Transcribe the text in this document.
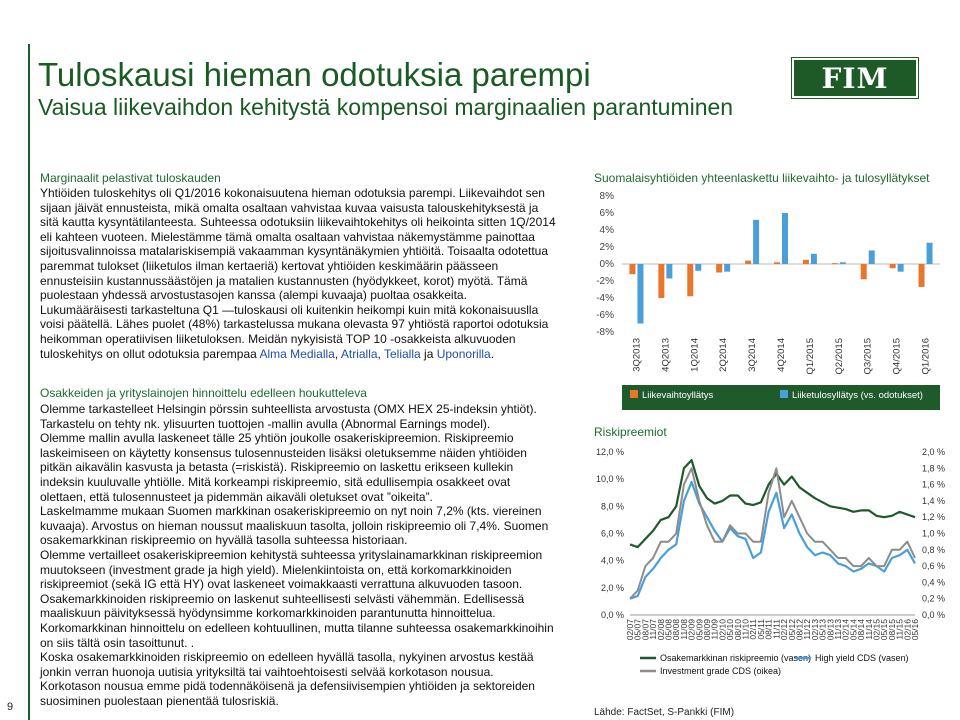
Tuloskausi hieman odotuksia parempi
Vaisua liikevaihdon kehitystä kompensoi marginaalien parantuminen
FIM
Marginaalit pelastivat tuloskauden

Yhtiöiden tuloskehitys oli Q1/2016 kokonaisuutena hieman odotuksia parempi. Liikevaihdot sen sijaan jäivät ennusteista, mikä omalta osaltaan vahvistaa kuvaa vaisusta talouskehityksestä ja sitä kautta kysyntätilanteesta. Suhteessa odotuksiin liikevaihtokehitys oli heikointa sitten 1Q/2014 eli kahteen vuoteen. Mielestämme tämä omalta osaltaan vahvistaa näkemystämme painottaa sijoitusvalinnoissa matalariskisempiä vakaamman kysyntänäkymien yhtiöitä. Toisaalta odotettua paremmat tulokset (liiketulos ilman kertaeriä) kertovat yhtiöiden keskimäärin päässeen ennusteisiin kustannussäästöjen ja matalien kustannusten (hyödykkeet, korot) myötä. Tämä puolestaan yhdessä arvostustasojen kanssa (alempi kuvaaja) puoltaa osakkeita.

Lukumääräisesti tarkasteltuna Q1 —tuloskausi oli kuitenkin heikompi kuin mitä kokonaisuuslla voisi päätellä. Lähes puolet (48%) tarkastelussa mukana olevasta 97 yhtiöstä raportoi odotuksia heikomman operatiivisen liiketuloksen. Meidän nykyisistä TOP 10 -osakkeista alkuvuoden tuloskehitys on ollut odotuksia parempaa Alma Medialla, Atrialla, Telialla ja Uponorilla.

Osakkeiden ja yrityslainojen hinnoittelu edelleen houkutteleva

Olemme tarkastelleet Helsingin pörssin suhteellista arvostusta (OMX HEX 25-indeksin yhtiöt). Tarkastelu on tehty nk. ylisuurten tuottojen -mallin avulla (Abnormal Earnings model).

Olemme mallin avulla laskeneet tälle 25 yhtiön joukolle osakeriskipreemion. Riskipreemio laskeimiseen on käytetty konsensus tulosennusteiden lisäksi oletuksemme näiden yhtiöiden pitkän aikavälin kasvusta ja betasta (=riskistä). Riskipreemio on laskettu erikseen kullekin indeksin kuuluvalle yhtiölle. Mitä korkeampi riskipreemio, sitä edullisempia osakkeet ovat olettaen, että tulosennusteet ja pidemmän aikaväli oletukset ovat ”oikeita”.

Laskelmamme mukaan Suomen markkinan osakeriskipreemio on nyt noin 7,2% (kts. viereinen kuvaaja). Arvostus on hieman noussut maaliskuun tasolta, jolloin riskipreemio oli 7,4%. Suomen osakemarkkinan riskipreemio on hyvällä tasolla suhteessa historiaan.

Olemme vertailleet osakeriskipreemion kehitystä suhteessa yrityslainamarkkinan riskipreemion muutokseen (investment grade ja high yield). Mielenkiintoista on, että korkomarkkinoiden riskipreemiot (sekä IG että HY) ovat laskeneet voimakkaasti verrattuna alkuvuoden tasoon. Osakemarkkinoiden riskipreemio on laskenut suhteellisesti selvästi vähemmän. Edellisessä maaliskuun päivityksessä hyödynsimme korkomarkkinoiden parantunutta hinnoittelua. Korkomarkkinan hinnoittelu on edelleen kohtuullinen, mutta tilanne suhteessa osakemarkkinoihin on siis tältä osin tasoittunut. .

Koska osakemarkkinoiden riskipreemio on edelleen hyvällä tasolla, nykyinen arvostus kestää jonkin verran huonoja uutisia yrityksiltä tai vaihtoehtoisesti selvää korkotason nousua. Korkotason nousua emme pidä todennäköisenä ja defensiivisempien yhtiöiden ja sektoreiden suosiminen puolestaan pienentää tulosriskiä.

Suomalaisyhtiöiden yhteenlaskettu liikevaihto- ja tulosyllätykset
8%
6%
4%
2%
0%
-2%
-4%
-6%
-8%
3Q2013 4Q2013 1Q2014 2Q2014 3Q2014 4Q2014 Q1/2015 Q2/2015 Q3/2015 Q4/2015 Q1/2016
Liikevaihtoyllätys	Liiketulosyllätys (vs. odotukset)
Riskipreemiot
12,0 %
10,0 %
8,0 %
6,0 %
4,0 %
2,0 %
0,0 %
2,0 %
1,8 %
1,6 %
1,4 %
1,2 %
1,0 %
0,8 %
0,6 %
0,4 %
0,2 %
0,0 %
02/07
05/07
08/07
11/07
02/08
05/08
08/08
11/08
02/09
05/09
08/09
11/09
02/10
05/10
08/10
11/10
02/11
05/11
08/11
11/11
02/12
05/12
08/12
11/12
02/13
05/13
08/13
11/13
02/14
05/14
08/14
11/14
02/15
05/15
08/15
11/15
02/16
05/16
Osakemarkkinan riskipreemio (vasen) High yield CDS (vasen)
Investment grade CDS (oikea)
9	Lähde: FactSet, S-Pankki (FIM)
